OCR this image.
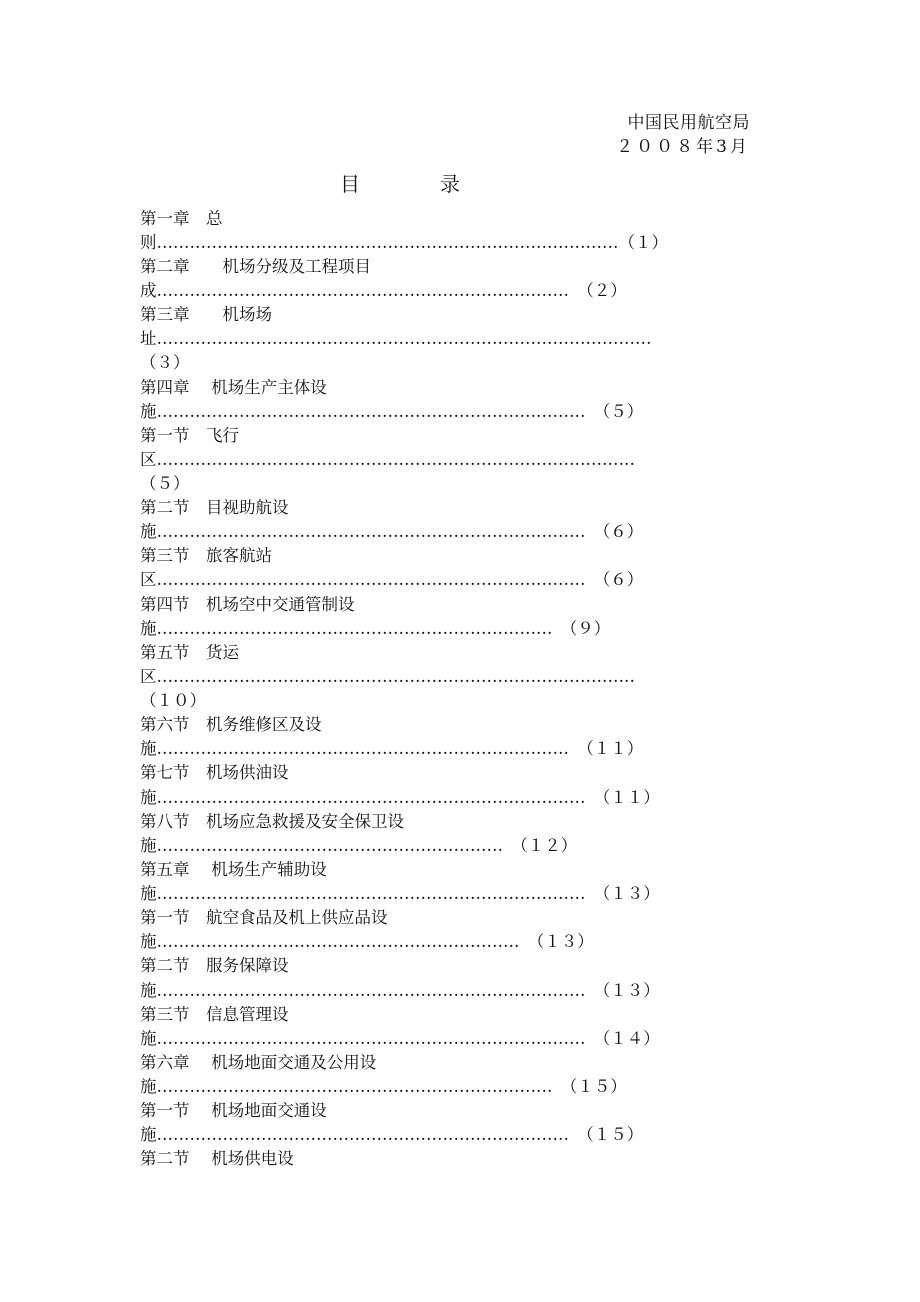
中国民用航空局
２００８年3月
目　录
第一章　总
则…………………………………………………………………………（１）
第二章　　机场分级及工程项目
成…………………………………………………………………　（２）
第三章　　机场场
址………………………………………………………………………………
（３）
第四章　 机场生产主体设
施……………………………………………………………………　（５）
第一节　飞行
区……………………………………………………………………………
（５）
第二节　目视助航设
施……………………………………………………………………　（６）
第三节　旅客航站
区……………………………………………………………………　（６）
第四节　机场空中交通管制设
施………………………………………………………………　（９）
第五节　货运
区……………………………………………………………………………
（１０）
第六节　机务维修区及设
施…………………………………………………………………　（１１）
第七节　机场供油设
施……………………………………………………………………　（１１）
第八节　机场应急救援及安全保卫设
施………………………………………………………　（１２）
第五章　 机场生产辅助设
施……………………………………………………………………　（１３）
第一节　航空食品及机上供应品设
施…………………………………………………………　（１３）
第二节　服务保障设
施……………………………………………………………………　（１３）
第三节　信息管理设
施……………………………………………………………………　（１４）
第六章　 机场地面交通及公用设
施………………………………………………………………　（１５）
第一节　 机场地面交通设
施…………………………………………………………………　（１５）
第二节　 机场供电设
